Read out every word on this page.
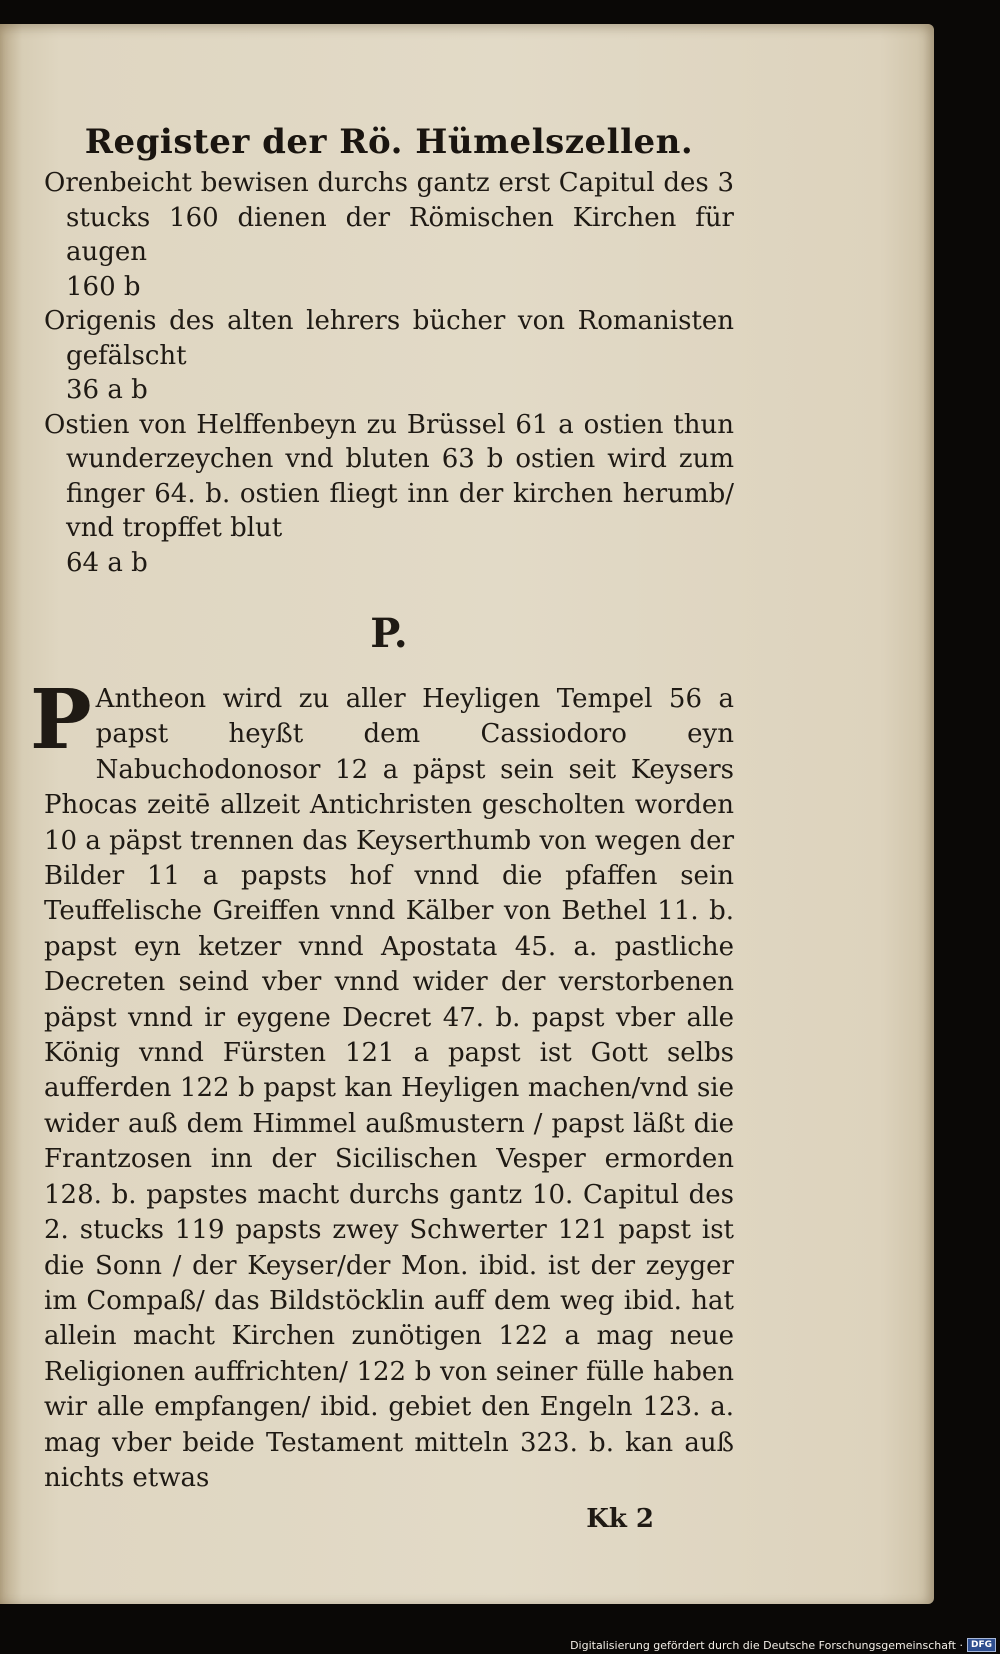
Register der Rö. Hümelszellen.

Orenbeicht bewisen durchs gantz erst Capitul des 3 stucks 160 dienen der Römischen Kirchen für augen

160 b

Origenis des alten lehrers bücher von Romanisten gefälscht

36 a b

Ostien von Helffenbeyn zu Brüssel 61 a ostien thun wunderzeychen vnd bluten 63 b ostien wird zum finger 64. b. ostien fliegt inn der kirchen herumb/ vnd tropffet blut

64 a b
P.
P Antheon wird zu aller Heyligen Tempel 56 a papst heyßt dem Cassiodoro eyn Nabuchodonosor 12 a päpst sein seit Keysers Phocas zeitē allzeit Antichristen gescholten worden 10 a päpst trennen das Keyserthumb von wegen der Bilder 11 a papsts hof vnnd die pfaffen sein Teuffelische Greiffen vnnd Kälber von Bethel 11. b. papst eyn ketzer vnnd Apostata 45. a. pastliche Decreten seind vber vnnd wider der verstorbenen päpst vnnd ir eygene Decret 47. b. papst vber alle König vnnd Fürsten 121 a papst ist Gott selbs aufferden 122 b papst kan Heyligen machen/vnd sie wider auß dem Himmel außmustern / papst läßt die Frantzosen inn der Sicilischen Vesper ermorden 128. b. papstes macht durchs gantz 10. Capitul des 2. stucks 119 papsts zwey Schwerter 121 papst ist die Sonn / der Keyser/der Mon. ibid. ist der zeyger im Compaß/ das Bildstöcklin auff dem weg ibid. hat allein macht Kirchen zunötigen 122 a mag neue Religionen auffrichten/ 122 b von seiner fülle haben wir alle empfangen/ ibid. gebiet den Engeln 123. a. mag vber beide Testament mitteln 323. b. kan auß nichts etwas

Kk 2
Digitalisierung gefördert durch die Deutsche Forschungsgemeinschaft · DFG
